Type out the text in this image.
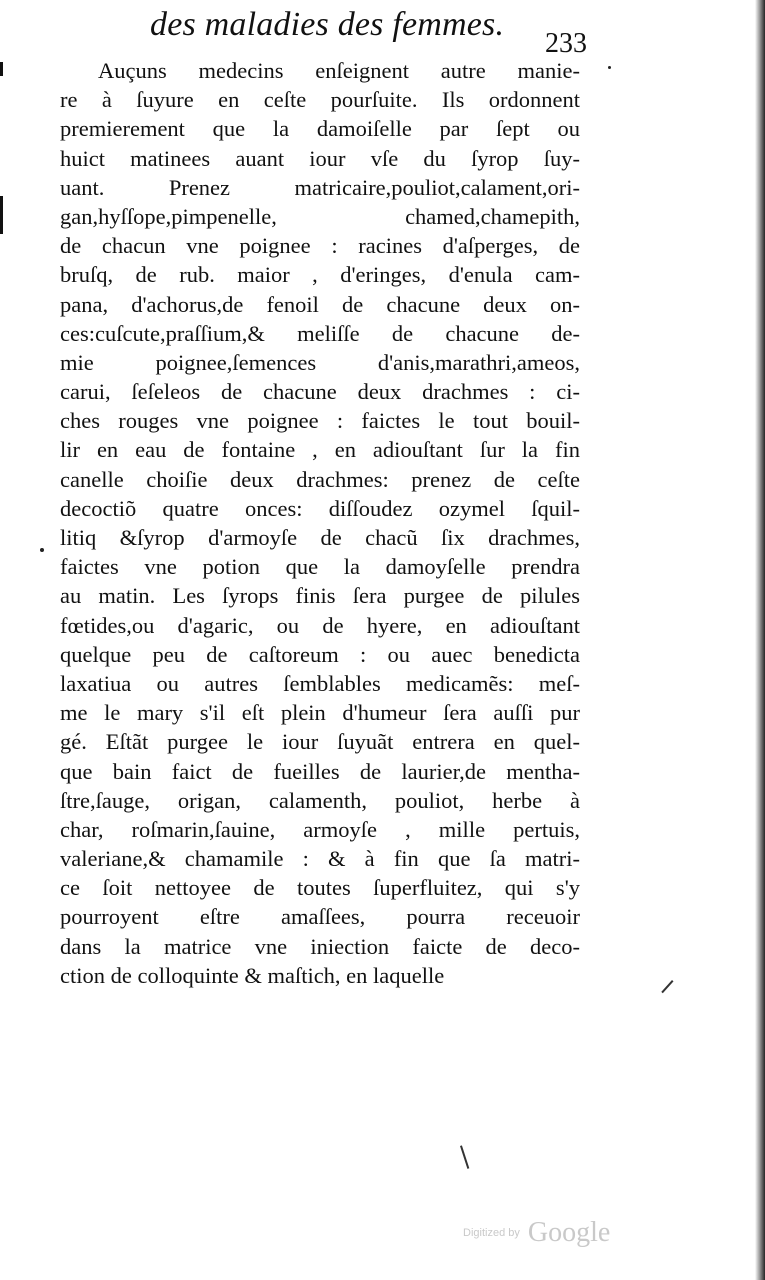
des maladies des femmes.
233
Auçuns medecins enſeignent autre manie-
re à ſuyure en ceſte pourſuite. Ils ordonnent
premierement que la damoiſelle par ſept ou
huict matinees auant iour vſe du ſyrop ſuy-
uant. Prenez matricaire,pouliot,calament,ori-
gan,hyſſope,pimpenelle, chamed,chamepith,
de chacun vne poignee : racines d'aſperges, de
bruſq, de rub. maior , d'eringes, d'enula cam-
pana, d'achorus,de fenoil de chacune deux on-
ces:cuſcute,praſſium,& meliſſe de chacune de-
mie poignee,ſemences d'anis,marathri,ameos,
carui, ſeſeleos de chacune deux drachmes : ci-
ches rouges vne poignee : faictes le tout bouil-
lir en eau de fontaine , en adiouſtant ſur la fin
canelle choiſie deux drachmes: prenez de ceſte
decoctiõ quatre onces: diſſoudez ozymel ſquil-
litiq &ſyrop d'armoyſe de chacũ ſix drachmes,
faictes vne potion que la damoyſelle prendra
au matin. Les ſyrops finis ſera purgee de pilules
fœtides,ou d'agaric, ou de hyere, en adiouſtant
quelque peu de caſtoreum : ou auec benedicta
laxatiua ou autres ſemblables medicamẽs: meſ-
me le mary s'il eſt plein d'humeur ſera auſſi pur
gé. Eſtãt purgee le iour ſuyuãt entrera en quel-
que bain faict de fueilles de laurier,de mentha-
ſtre,ſauge, origan, calamenth, pouliot, herbe à
char, roſmarin,ſauine, armoyſe , mille pertuis,
valeriane,& chamamile : & à fin que ſa matri-
ce ſoit nettoyee de toutes ſuperfluitez, qui s'y
pourroyent eſtre amaſſees, pourra receuoir
dans la matrice vne iniection faicte de deco-
ction de colloquinte & maſtich, en laquelle
Digitized by Google
